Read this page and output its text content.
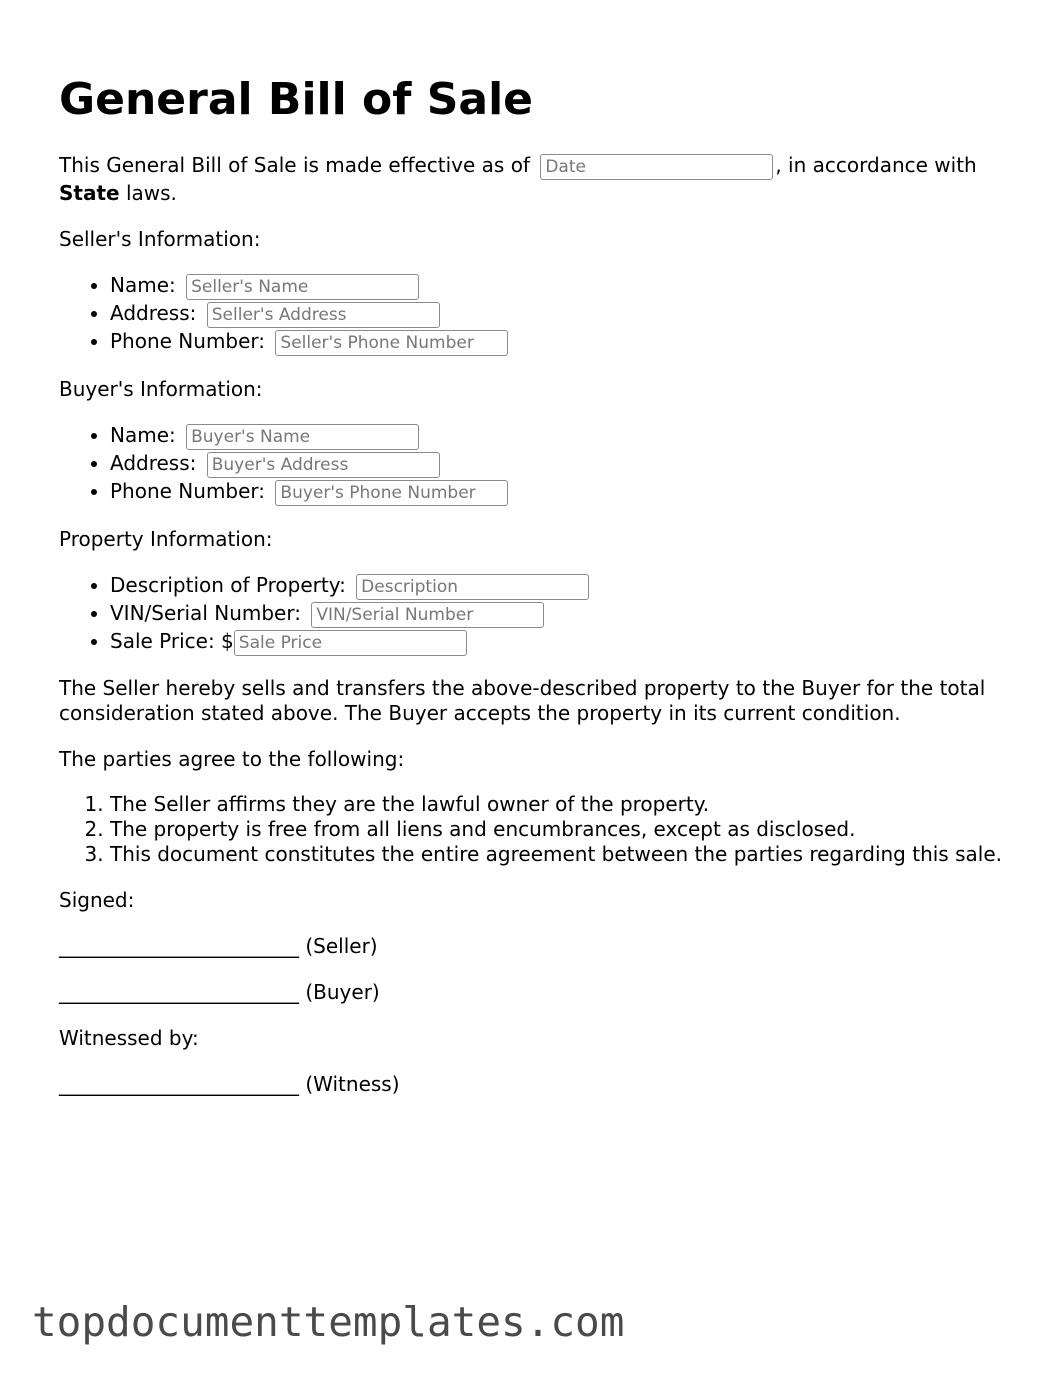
General Bill of Sale

This General Bill of Sale is made effective as of Date	, in accordance with
State laws.

Seller's Information:

• Name: Seller's Name
• Address: Seller's Address
• Phone Number: Seller's Phone Number

Buyer's Information:

• Name: Buyer's Name
• Address: Buyer's Address
• Phone Number: Buyer's Phone Number

Property Information:

• Description of Property: Description
• VIN/Serial Number: VIN/Serial Number
• Sale Price: $Sale Price

The Seller hereby sells and transfers the above-described property to the Buyer for the total consideration stated above. The Buyer accepts the property in its current condition.

The parties agree to the following:

1. The Seller affirms they are the lawful owner of the property.
2. The property is free from all liens and encumbrances, except as disclosed.
3. This document constitutes the entire agreement between the parties regarding this sale.

Signed:

________________________ (Seller)

________________________ (Buyer)

Witnessed by:

________________________ (Witness)

topdocumenttemplates.com
